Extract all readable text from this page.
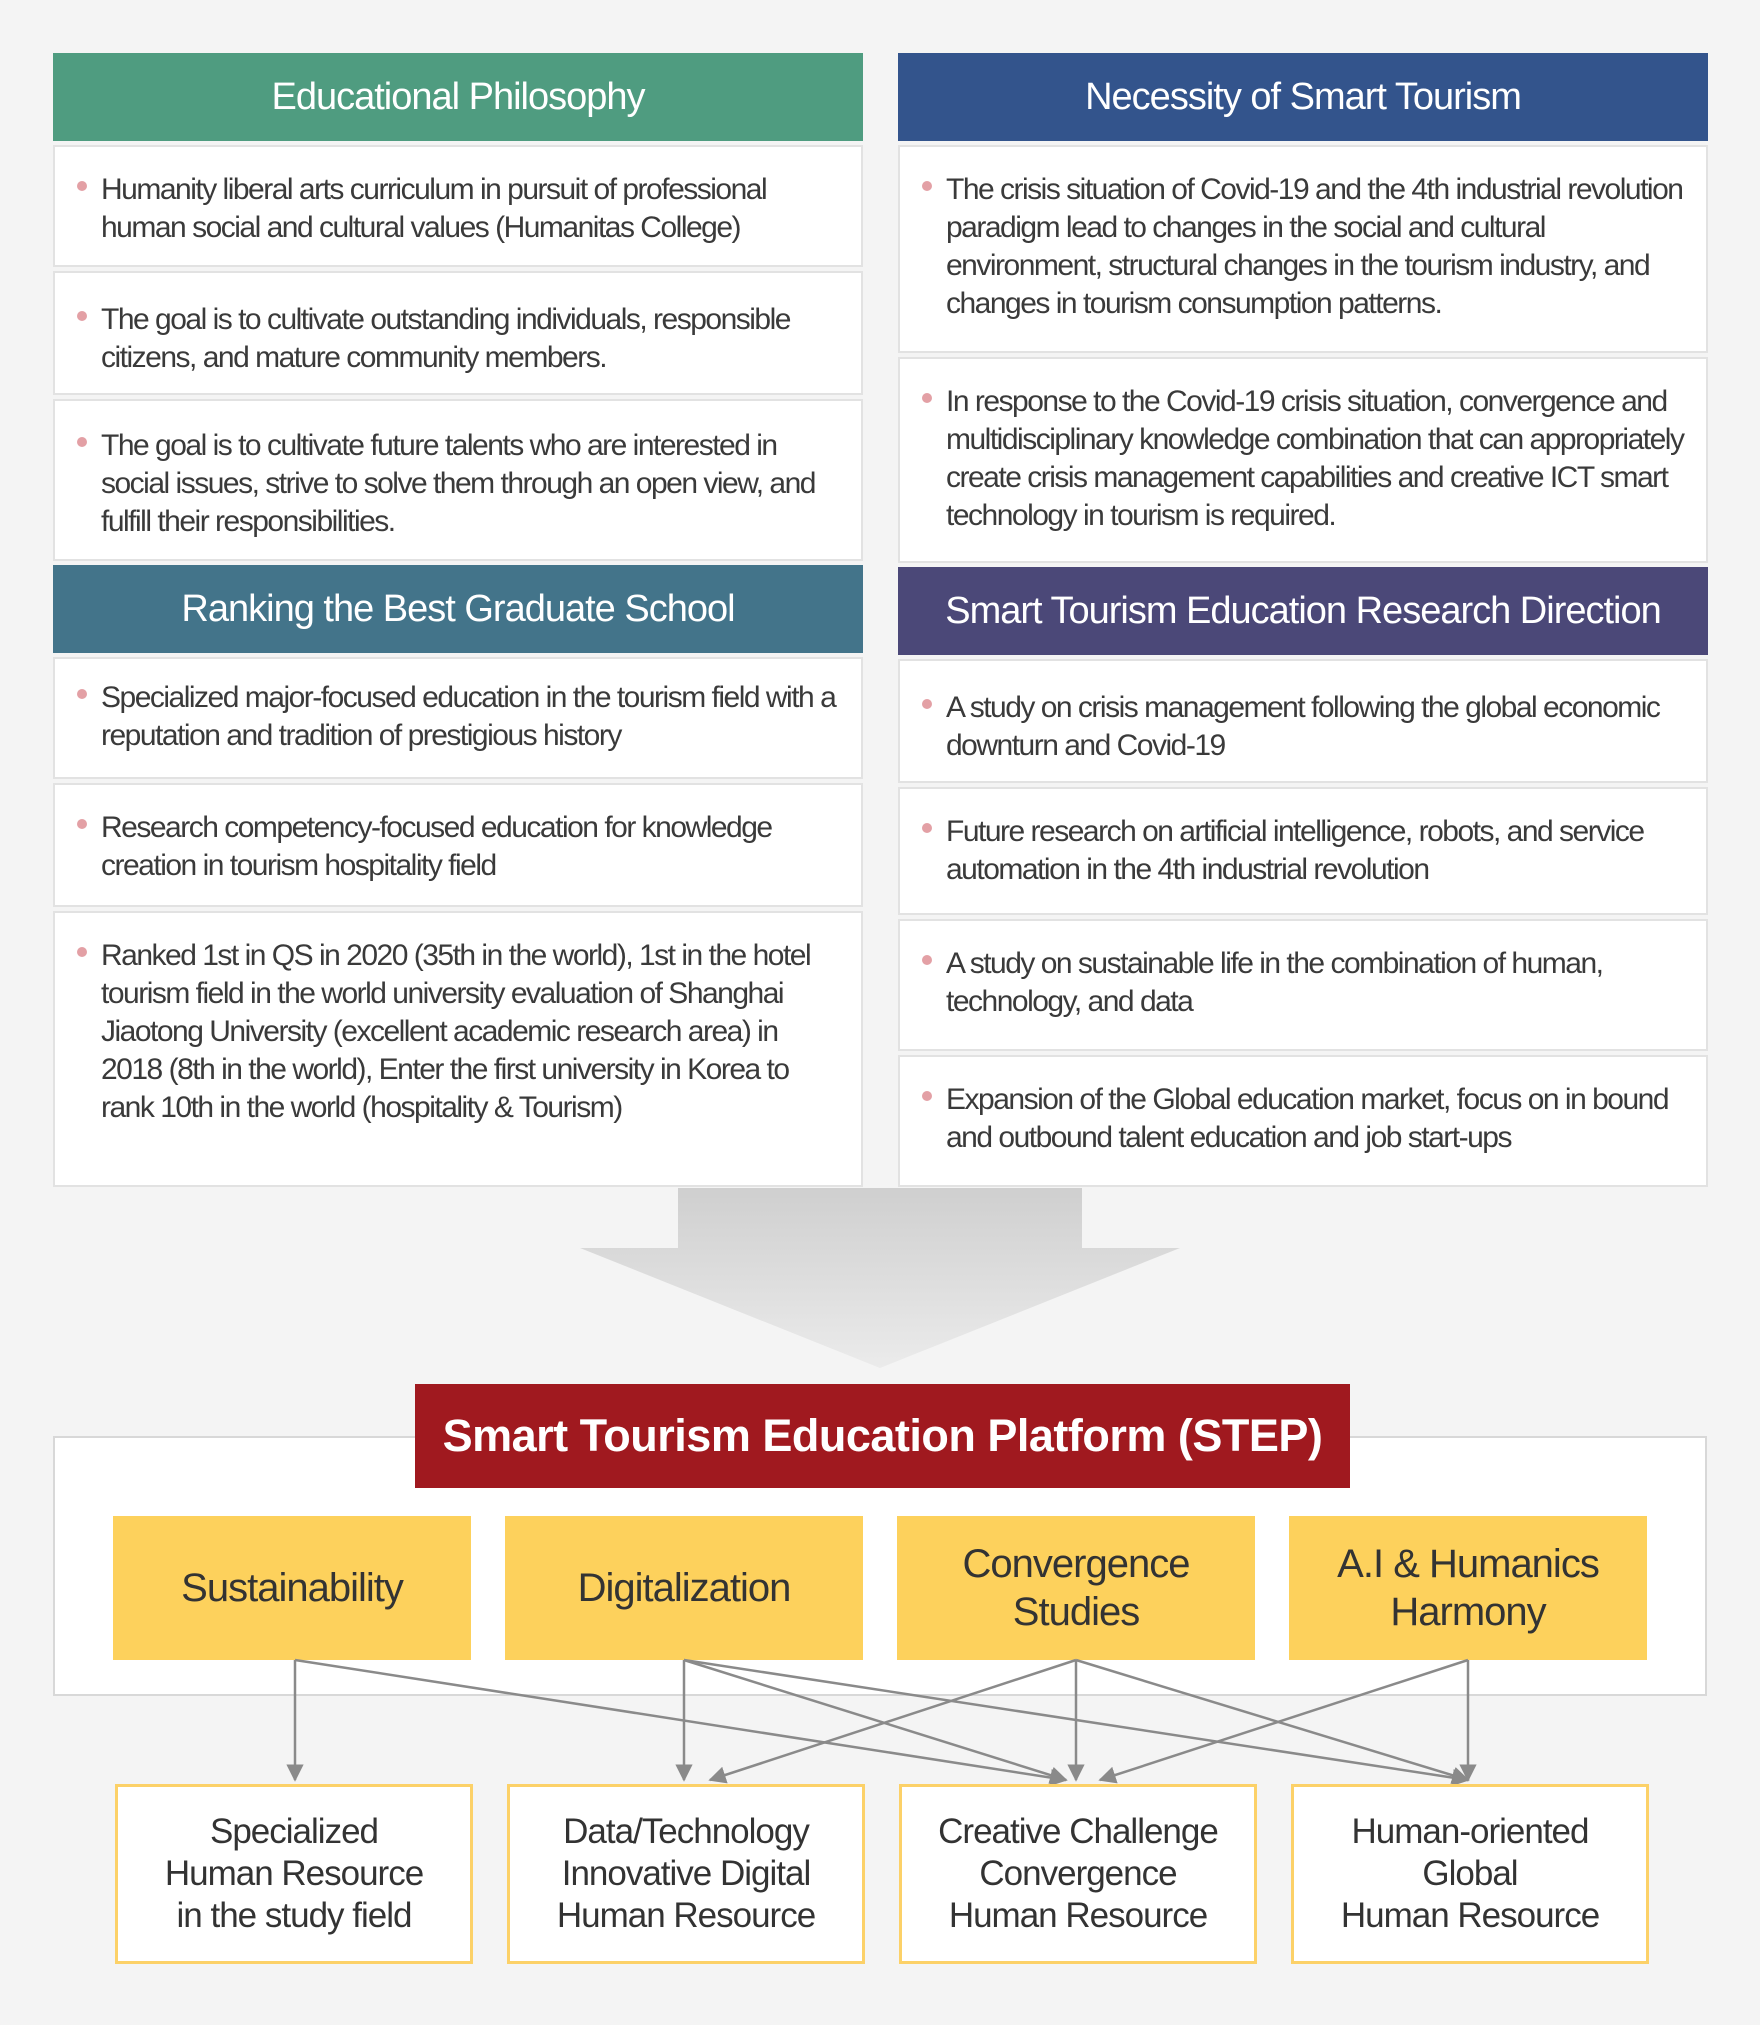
Educational Philosophy
Humanity liberal arts curriculum in pursuit of professional human social and cultural values (Humanitas College)
The goal is to cultivate outstanding individuals, responsible citizens, and mature community members.
The goal is to cultivate future talents who are interested in social issues, strive to solve them through an open view, and fulfill their responsibilities.
Ranking the Best Graduate School
Specialized major-focused education in the tourism field with a reputation and tradition of prestigious history
Research competency-focused education for knowledge creation in tourism hospitality field
Ranked 1st in QS in 2020 (35th in the world), 1st in the hotel tourism field in the world university evaluation of Shanghai Jiaotong University (excellent academic research area) in 2018 (8th in the world), Enter the first university in Korea to rank 10th in the world (hospitality & Tourism)
Necessity of Smart Tourism
The crisis situation of Covid-19 and the 4th industrial revolution paradigm lead to changes in the social and cultural environment, structural changes in the tourism industry, and changes in tourism consumption patterns.
In response to the Covid-19 crisis situation, convergence and multidisciplinary knowledge combination that can appropriately create crisis management capabilities and creative ICT smart technology in tourism is required.
Smart Tourism Education Research Direction
A study on crisis management following the global economic downturn and Covid-19
Future research on artificial intelligence, robots, and service automation in the 4th industrial revolution
A study on sustainable life in the combination of human, technology, and data
Expansion of the Global education market, focus on in bound and outbound talent education and job start-ups
Smart Tourism Education Platform (STEP)
Sustainability	Digitalization
Convergence
Studies
A.I & Humanics
Harmony
Specialized
Human Resource
in the study field
Data/Technology
Innovative Digital
Human Resource
Creative Challenge
Convergence
Human Resource
Human-oriented
Global
Human Resource
